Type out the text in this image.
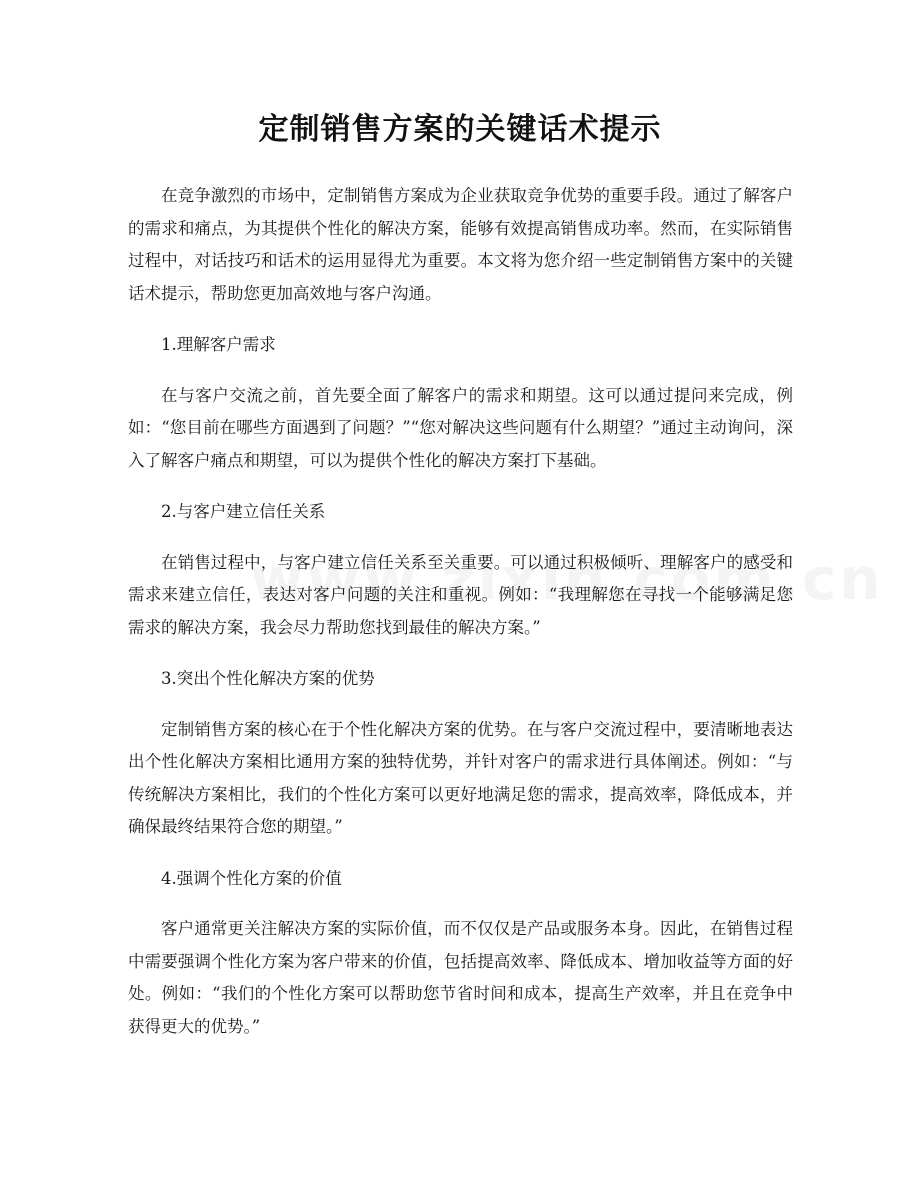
定制销售方案的关键话术提示

在竞争激烈的市场中，定制销售方案成为企业获取竞争优势的重要手段。通过了解客户的需求和痛点，为其提供个性化的解决方案，能够有效提高销售成功率。然而，在实际销售过程中，对话技巧和话术的运用显得尤为重要。本文将为您介绍一些定制销售方案中的关键话术提示，帮助您更加高效地与客户沟通。

1.理解客户需求

在与客户交流之前，首先要全面了解客户的需求和期望。这可以通过提问来完成，例如：“您目前在哪些方面遇到了问题？”“您对解决这些问题有什么期望？”通过主动询问，深入了解客户痛点和期望，可以为提供个性化的解决方案打下基础。

2.与客户建立信任关系

在销售过程中，与客户建立信任关系至关重要。可以通过积极倾听、理解客户的感受和需求来建立信任，表达对客户问题的关注和重视。例如：“我理解您在寻找一个能够满足您需求的解决方案，我会尽力帮助您找到最佳的解决方案。”

3.突出个性化解决方案的优势

定制销售方案的核心在于个性化解决方案的优势。在与客户交流过程中，要清晰地表达出个性化解决方案相比通用方案的独特优势，并针对客户的需求进行具体阐述。例如：“与传统解决方案相比，我们的个性化方案可以更好地满足您的需求，提高效率，降低成本，并确保最终结果符合您的期望。”

4.强调个性化方案的价值

客户通常更关注解决方案的实际价值，而不仅仅是产品或服务本身。因此，在销售过程中需要强调个性化方案为客户带来的价值，包括提高效率、降低成本、增加收益等方面的好处。例如：“我们的个性化方案可以帮助您节省时间和成本，提高生产效率，并且在竞争中获得更大的优势。”
